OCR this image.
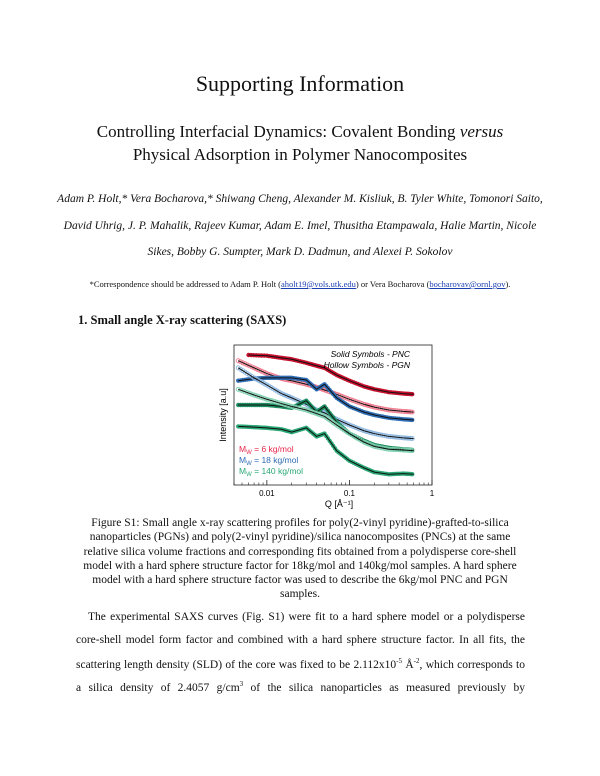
Supporting Information
Controlling Interfacial Dynamics: Covalent Bonding versus
Physical Adsorption in Polymer Nanocomposites
Adam P. Holt,* Vera Bocharova,* Shiwang Cheng, Alexander M. Kisliuk, B. Tyler White, Tomonori Saito,
David Uhrig, J. P. Mahalik, Rajeev Kumar, Adam E. Imel, Thusitha Etampawala, Halie Martin, Nicole
Sikes, Bobby G. Sumpter, Mark D. Dadmun, and Alexei P. Sokolov
*Correspondence should be addressed to Adam P. Holt (aholt19@vols.utk.edu) or Vera Bocharova (bocharovav@ornl.gov).
1. Small angle X-ray scattering (SAXS)
0.01	0.1	1
Solid Symbols - PNC
Hollow Symbols - PGN
$M_W = 6$ kg/mol
$M_W = 18$ kg/mol
$M_W = 140$ kg/mol
Intensity [a.u]
Q [Å⁻¹]
Figure S1: Small angle x-ray scattering profiles for poly(2-vinyl pyridine)-grafted-to-silica
nanoparticles (PGNs) and poly(2-vinyl pyridine)/silica nanocomposites (PNCs) at the same
relative silica volume fractions and corresponding fits obtained from a polydisperse core-shell
model with a hard sphere structure factor for 18kg/mol and 140kg/mol samples. A hard sphere
model with a hard sphere structure factor was used to describe the 6kg/mol PNC and PGN
samples.
The experimental SAXS curves (Fig. S1) were fit to a hard sphere model or a polydisperse
core-shell model form factor and combined with a hard sphere structure factor. In all fits, the
scattering length density (SLD) of the core was fixed to be $2.112x10^{-5}$ $Å^{-2}$, which corresponds to
a silica density of 2.4057 $g/cm^3$ of the silica nanoparticles as measured previously by
